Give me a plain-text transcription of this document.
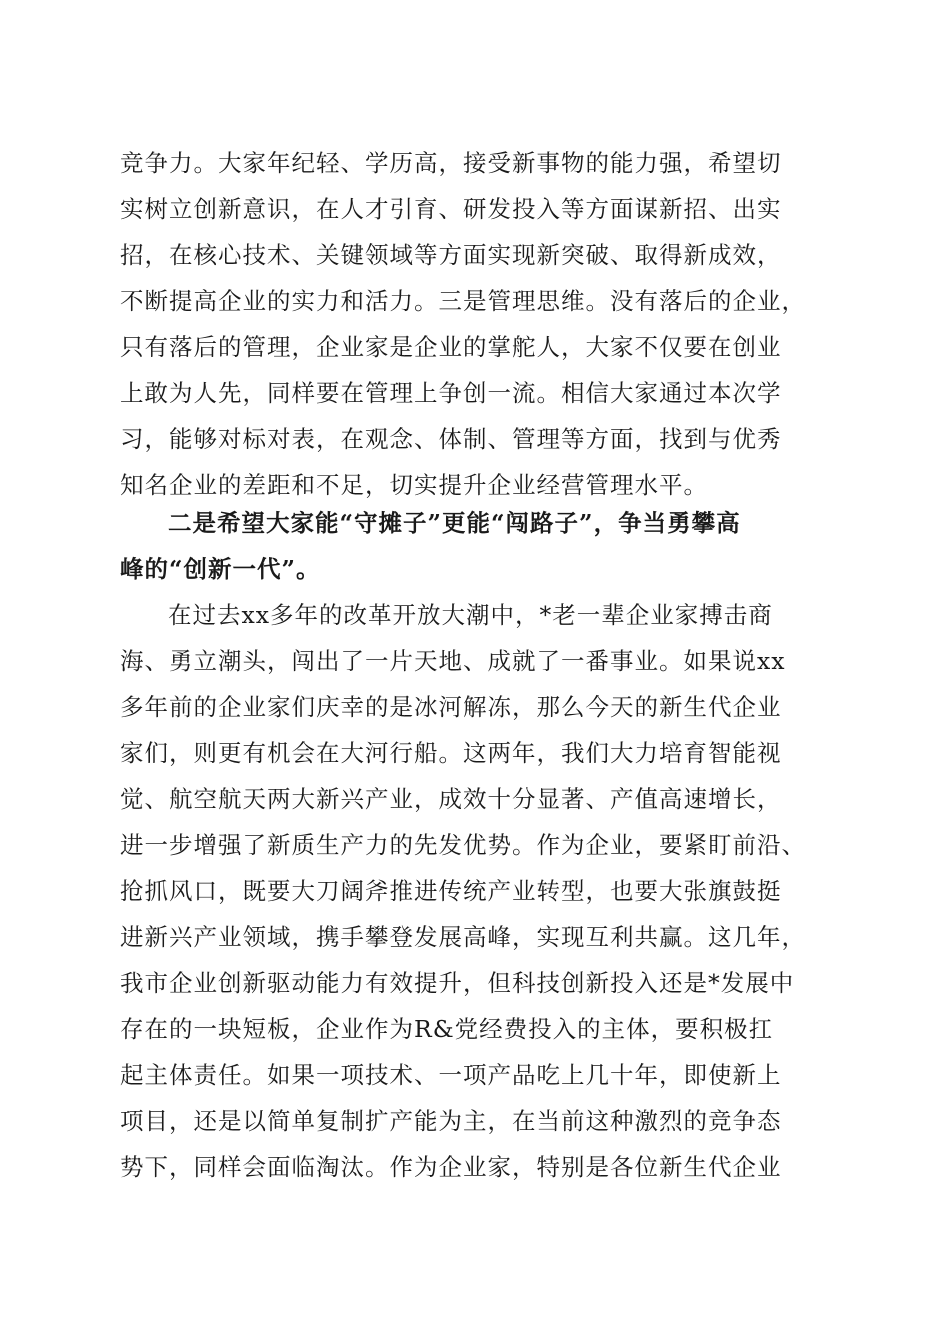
竞争力。大家年纪轻、学历高，接受新事物的能力强，希望切
实树立创新意识，在人才引育、研发投入等方面谋新招、出实
招，在核心技术、关键领域等方面实现新突破、取得新成效，
不断提高企业的实力和活力。三是管理思维。没有落后的企业，
只有落后的管理，企业家是企业的掌舵人，大家不仅要在创业
上敢为人先，同样要在管理上争创一流。相信大家通过本次学
习，能够对标对表，在观念、体制、管理等方面，找到与优秀
知名企业的差距和不足，切实提升企业经营管理水平。
二是希望大家能“守摊子”更能“闯路子”，争当勇攀高
峰的“创新一代”。
在过去xx多年的改革开放大潮中，*老一辈企业家搏击商
海、勇立潮头，闯出了一片天地、成就了一番事业。如果说xx
多年前的企业家们庆幸的是冰河解冻，那么今天的新生代企业
家们，则更有机会在大河行船。这两年，我们大力培育智能视
觉、航空航天两大新兴产业，成效十分显著、产值高速增长，
进一步增强了新质生产力的先发优势。作为企业，要紧盯前沿、
抢抓风口，既要大刀阔斧推进传统产业转型，也要大张旗鼓挺
进新兴产业领域，携手攀登发展高峰，实现互利共赢。这几年，
我市企业创新驱动能力有效提升，但科技创新投入还是*发展中
存在的一块短板，企业作为R&党经费投入的主体，要积极扛
起主体责任。如果一项技术、一项产品吃上几十年，即使新上
项目，还是以简单复制扩产能为主，在当前这种激烈的竞争态
势下，同样会面临淘汰。作为企业家，特别是各位新生代企业
